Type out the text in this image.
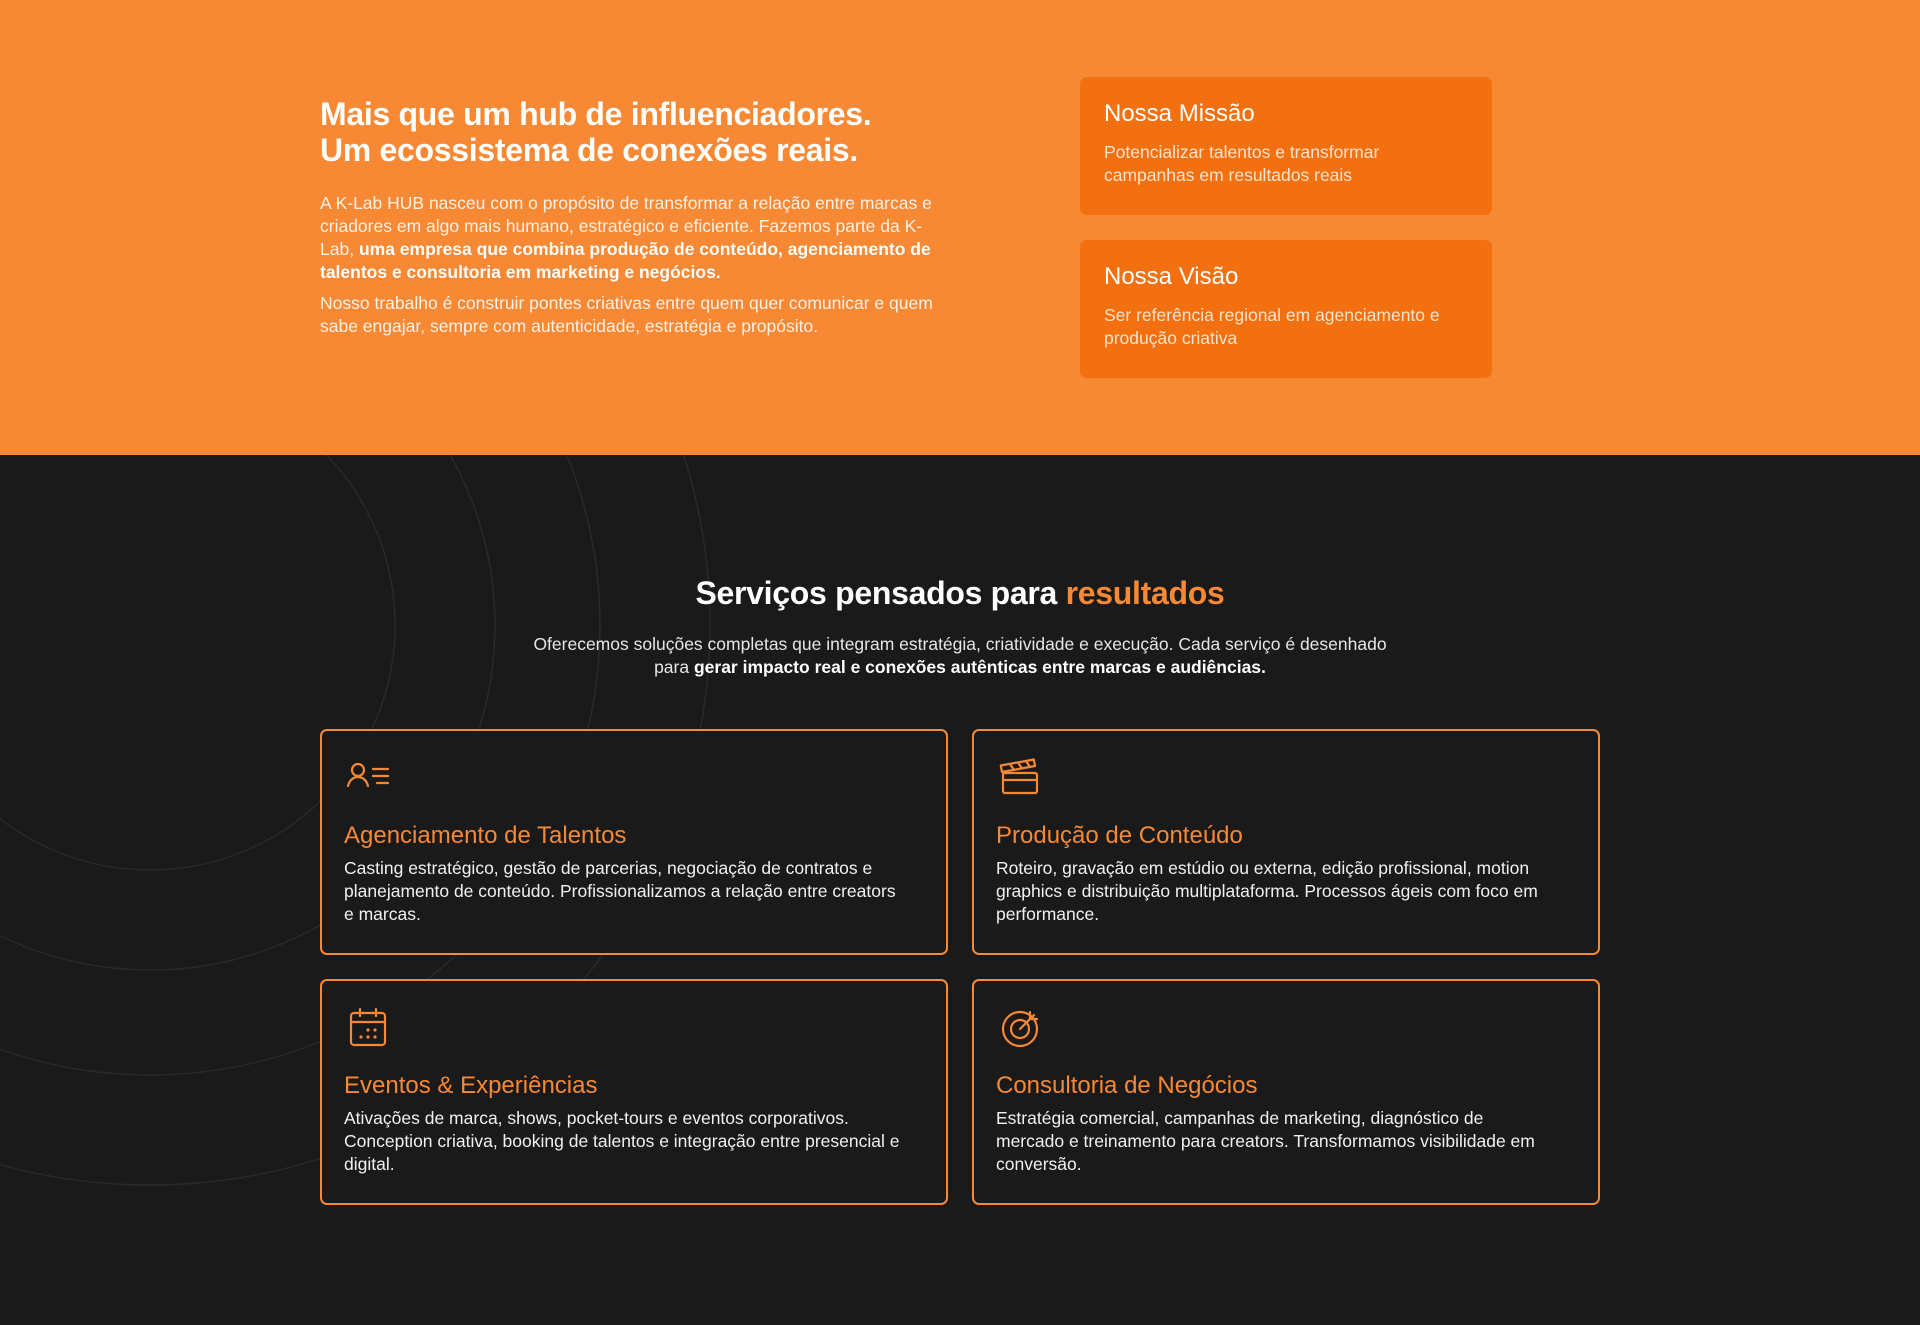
Mais que um hub de influenciadores.
Um ecossistema de conexões reais.

A K-Lab HUB nasceu com o propósito de transformar a relação entre marcas e criadores em algo mais humano, estratégico e eficiente. Fazemos parte da K-Lab, uma empresa que combina produção de conteúdo, agenciamento de talentos e consultoria em marketing e negócios.

Nosso trabalho é construir pontes criativas entre quem quer comunicar e quem sabe engajar, sempre com autenticidade, estratégia e propósito.

Nossa Missão

Potencializar talentos e transformar campanhas em resultados reais

Nossa Visão

Ser referência regional em agenciamento e produção criativa

Serviços pensados para resultados

Oferecemos soluções completas que integram estratégia, criatividade e execução. Cada serviço é desenhado para gerar impacto real e conexões autênticas entre marcas e audiências.

Agenciamento de Talentos

Casting estratégico, gestão de parcerias, negociação de contratos e planejamento de conteúdo. Profissionalizamos a relação entre creators e marcas.

Produção de Conteúdo

Roteiro, gravação em estúdio ou externa, edição profissional, motion graphics e distribuição multiplataforma. Processos ágeis com foco em performance.

Eventos & Experiências

Ativações de marca, shows, pocket-tours e eventos corporativos. Conception criativa, booking de talentos e integração entre presencial e digital.

Consultoria de Negócios

Estratégia comercial, campanhas de marketing, diagnóstico de mercado e treinamento para creators. Transformamos visibilidade em conversão.
